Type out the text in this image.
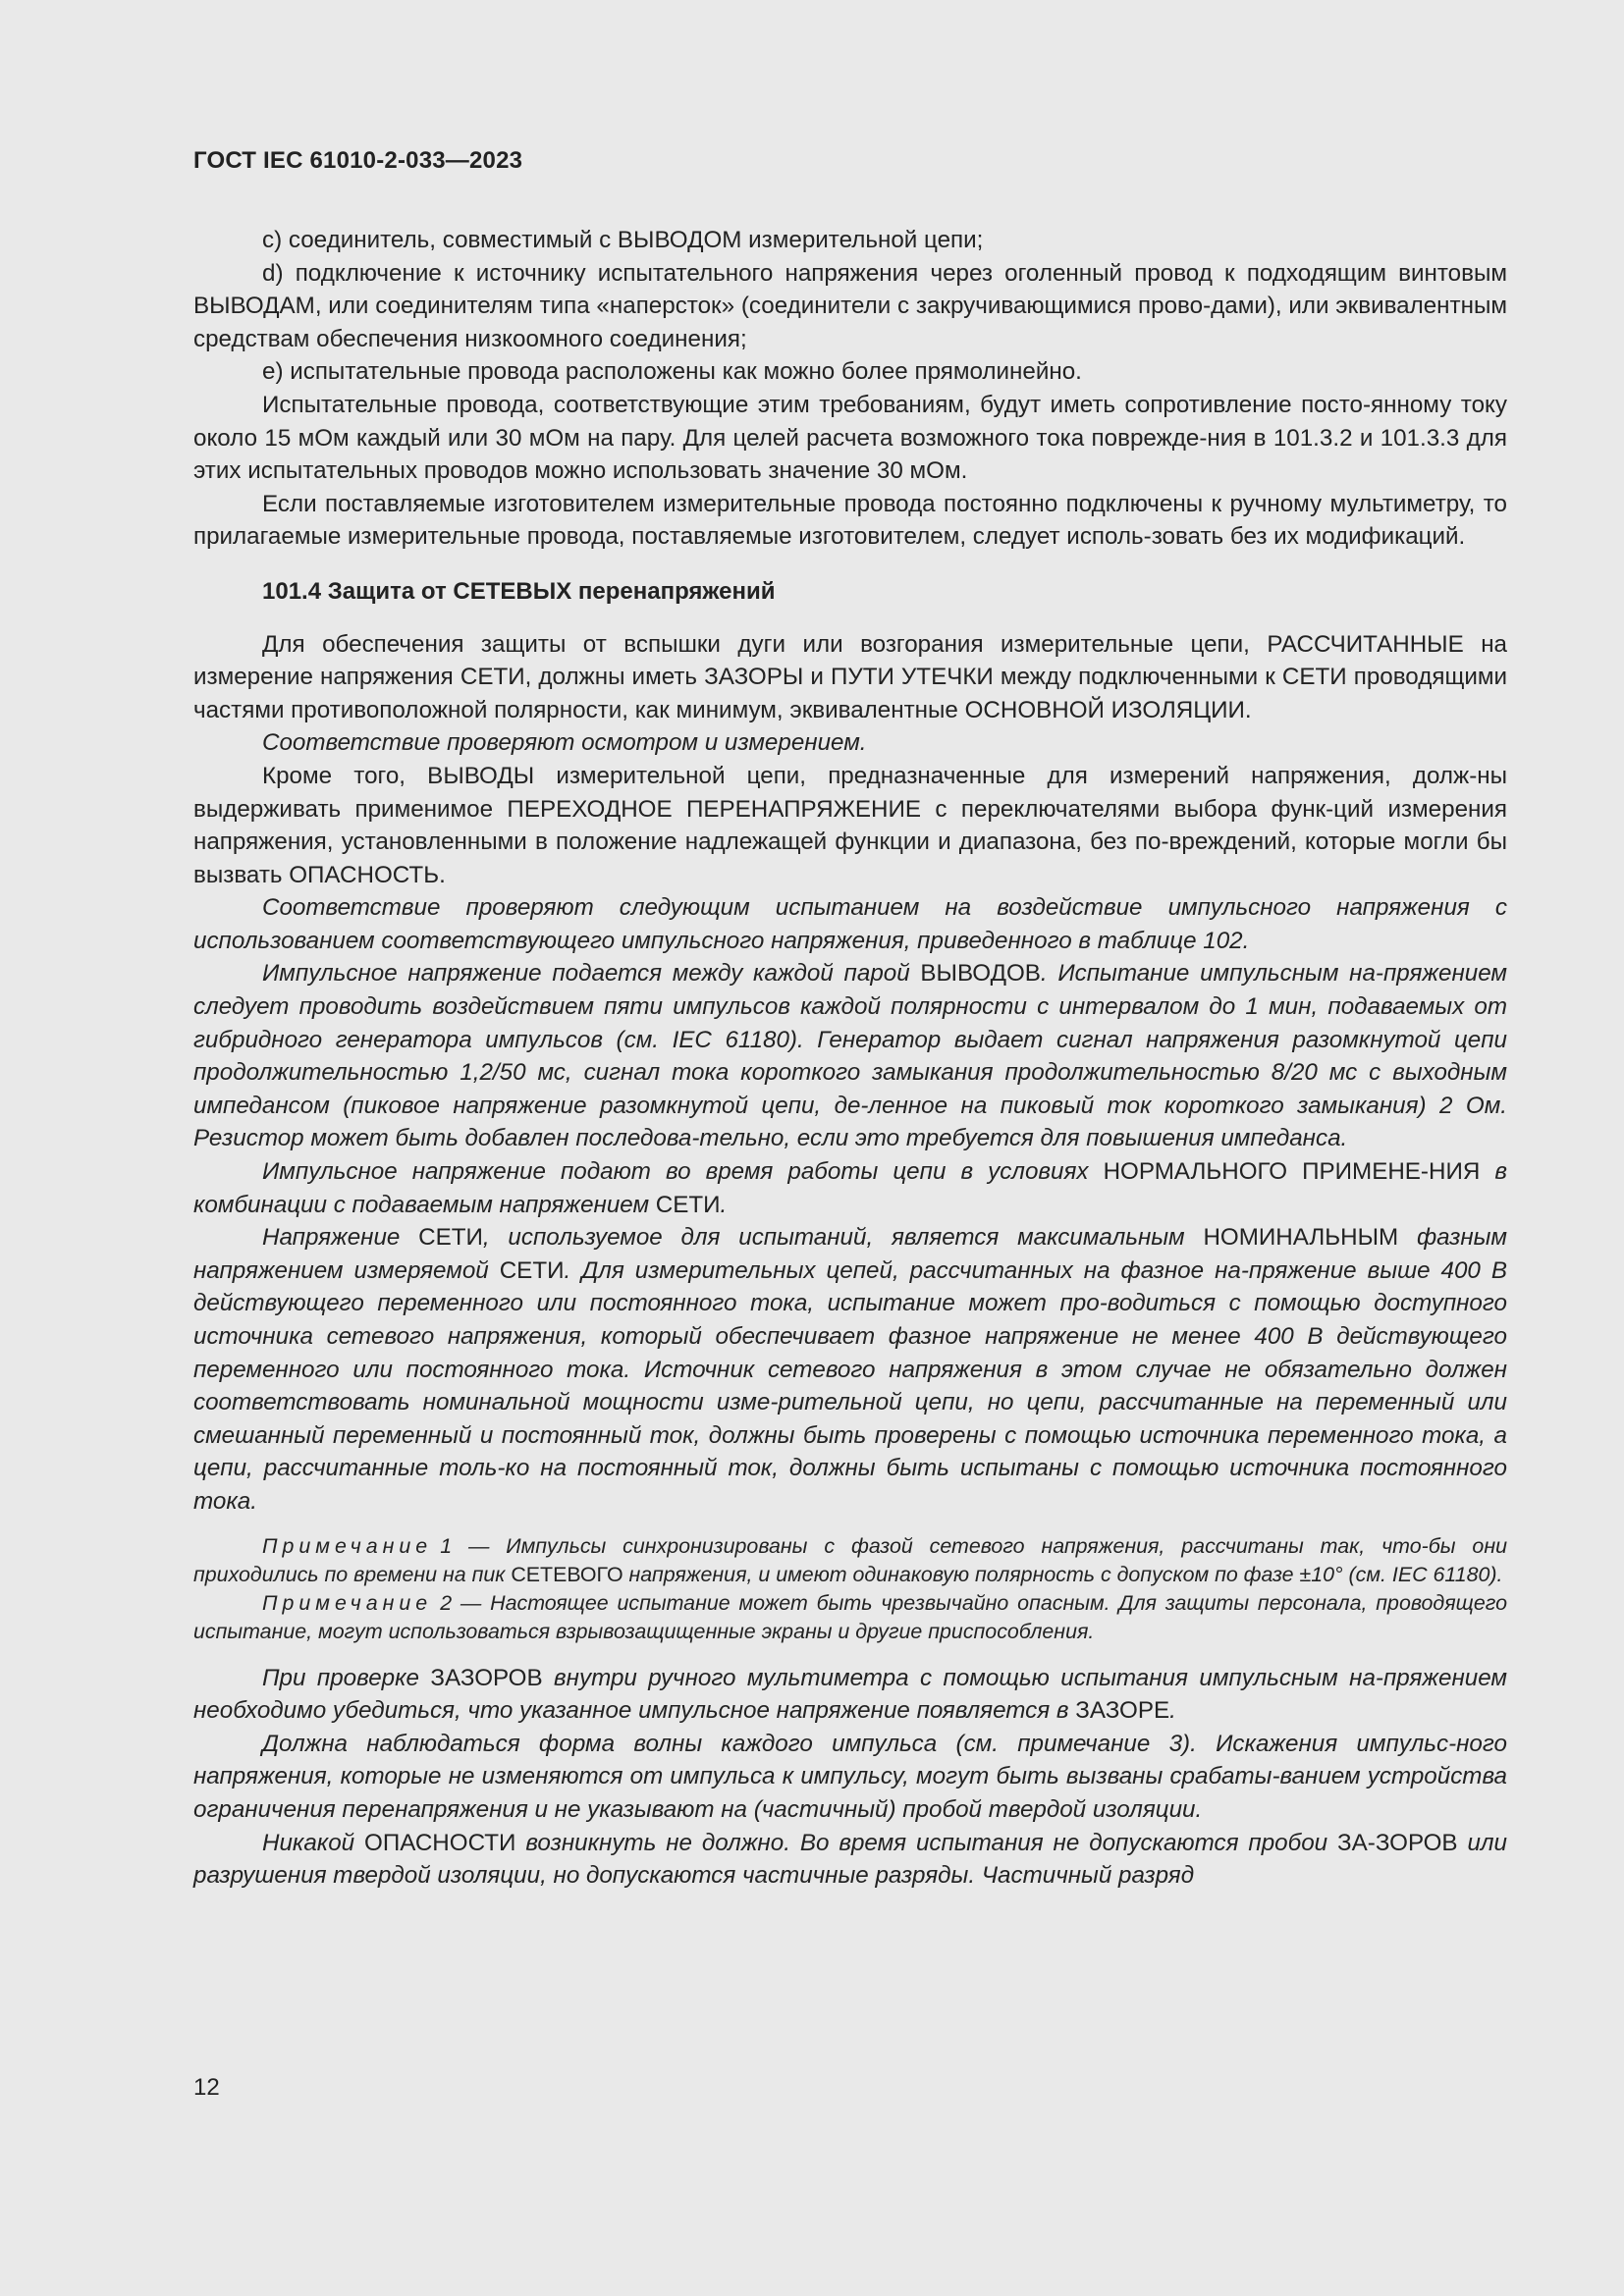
ГОСТ IEC 61010-2-033—2023

c) соединитель, совместимый с ВЫВОДОМ измерительной цепи;

d) подключение к источнику испытательного напряжения через оголенный провод к подходящим винтовым ВЫВОДАМ, или соединителям типа «наперсток» (соединители с закручивающимися прово-дами), или эквивалентным средствам обеспечения низкоомного соединения;

e) испытательные провода расположены как можно более прямолинейно.

Испытательные провода, соответствующие этим требованиям, будут иметь сопротивление посто-янному току около 15 мОм каждый или 30 мОм на пару. Для целей расчета возможного тока поврежде-ния в 101.3.2 и 101.3.3 для этих испытательных проводов можно использовать значение 30 мОм.

Если поставляемые изготовителем измерительные провода постоянно подключены к ручному мультиметру, то прилагаемые измерительные провода, поставляемые изготовителем, следует исполь-зовать без их модификаций.

101.4 Защита от СЕТЕВЫХ перенапряжений

Для обеспечения защиты от вспышки дуги или возгорания измерительные цепи, РАССЧИТАННЫЕ на измерение напряжения СЕТИ, должны иметь ЗАЗОРЫ и ПУТИ УТЕЧКИ между подключенными к СЕТИ проводящими частями противоположной полярности, как минимум, эквивалентные ОСНОВНОЙ ИЗОЛЯЦИИ.

Соответствие проверяют осмотром и измерением.

Кроме того, ВЫВОДЫ измерительной цепи, предназначенные для измерений напряжения, долж-ны выдерживать применимое ПЕРЕХОДНОЕ ПЕРЕНАПРЯЖЕНИЕ с переключателями выбора функ-ций измерения напряжения, установленными в положение надлежащей функции и диапазона, без по-вреждений, которые могли бы вызвать ОПАСНОСТЬ.

Соответствие проверяют следующим испытанием на воздействие импульсного напряжения с использованием соответствующего импульсного напряжения, приведенного в таблице 102.

Импульсное напряжение подается между каждой парой ВЫВОДОВ. Испытание импульсным на-пряжением следует проводить воздействием пяти импульсов каждой полярности с интервалом до 1 мин, подаваемых от гибридного генератора импульсов (см. IEC 61180). Генератор выдает сигнал напряжения разомкнутой цепи продолжительностью 1,2/50 мс, сигнал тока короткого замыкания продолжительностью 8/20 мс с выходным импедансом (пиковое напряжение разомкнутой цепи, де-ленное на пиковый ток короткого замыкания) 2 Ом. Резистор может быть добавлен последова-тельно, если это требуется для повышения импеданса.

Импульсное напряжение подают во время работы цепи в условиях НОРМАЛЬНОГО ПРИМЕНЕ-НИЯ в комбинации с подаваемым напряжением СЕТИ.

Напряжение СЕТИ, используемое для испытаний, является максимальным НОМИНАЛЬНЫМ фазным напряжением измеряемой СЕТИ. Для измерительных цепей, рассчитанных на фазное на-пряжение выше 400 В действующего переменного или постоянного тока, испытание может про-водиться с помощью доступного источника сетевого напряжения, который обеспечивает фазное напряжение не менее 400 В действующего переменного или постоянного тока. Источник сетевого напряжения в этом случае не обязательно должен соответствовать номинальной мощности изме-рительной цепи, но цепи, рассчитанные на переменный или смешанный переменный и постоянный ток, должны быть проверены с помощью источника переменного тока, а цепи, рассчитанные толь-ко на постоянный ток, должны быть испытаны с помощью источника постоянного тока.

Примечание 1 — Импульсы синхронизированы с фазой сетевого напряжения, рассчитаны так, что-бы они приходились по времени на пик СЕТЕВОГО напряжения, и имеют одинаковую полярность с допуском по фазе ±10° (см. IEC 61180).

Примечание 2 — Настоящее испытание может быть чрезвычайно опасным. Для защиты персонала, проводящего испытание, могут использоваться взрывозащищенные экраны и другие приспособления.

При проверке ЗАЗОРОВ внутри ручного мультиметра с помощью испытания импульсным на-пряжением необходимо убедиться, что указанное импульсное напряжение появляется в ЗАЗОРЕ.

Должна наблюдаться форма волны каждого импульса (см. примечание 3). Искажения импульс-ного напряжения, которые не изменяются от импульса к импульсу, могут быть вызваны срабаты-ванием устройства ограничения перенапряжения и не указывают на (частичный) пробой твердой изоляции.

Никакой ОПАСНОСТИ возникнуть не должно. Во время испытания не допускаются пробои ЗА-ЗОРОВ или разрушения твердой изоляции, но допускаются частичные разряды. Частичный разряд

12
